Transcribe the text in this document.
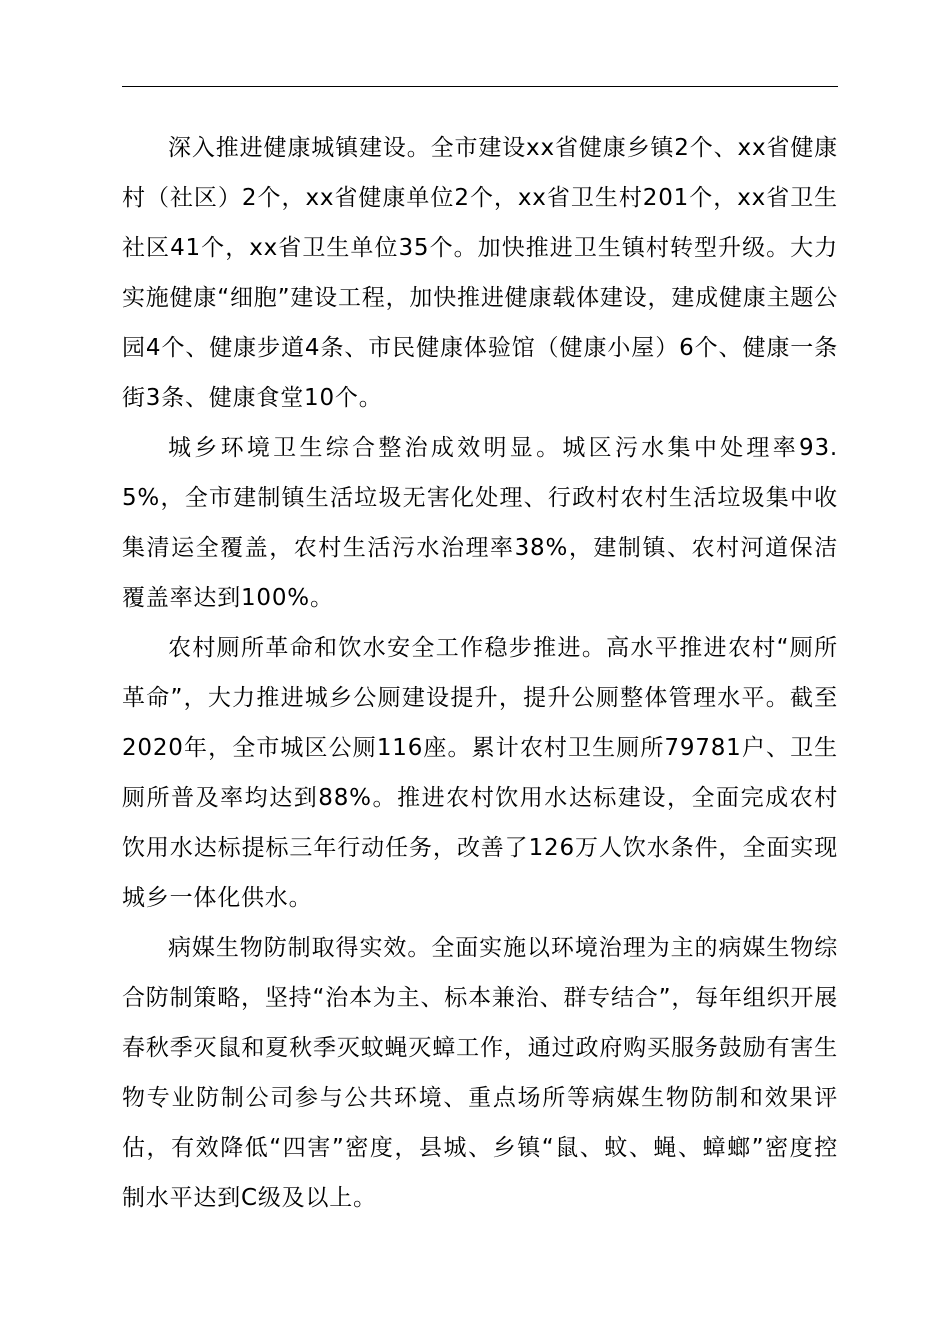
深入推进健康城镇建设。全市建设xx省健康乡镇2个、xx省健康村（社区）2个，xx省健康单位2个，xx省卫生村201个，xx省卫生社区41个，xx省卫生单位35个。加快推进卫生镇村转型升级。大力实施健康“细胞”建设工程，加快推进健康载体建设，建成健康主题公园4个、健康步道4条、市民健康体验馆（健康小屋）6个、健康一条街3条、健康食堂10个。

城乡环境卫生综合整治成效明显。城区污水集中处理率93.5%，全市建制镇生活垃圾无害化处理、行政村农村生活垃圾集中收集清运全覆盖，农村生活污水治理率38%，建制镇、农村河道保洁覆盖率达到100%。

农村厕所革命和饮水安全工作稳步推进。高水平推进农村“厕所革命”，大力推进城乡公厕建设提升，提升公厕整体管理水平。截至2020年，全市城区公厕116座。累计农村卫生厕所79781户、卫生厕所普及率均达到88%。推进农村饮用水达标建设，全面完成农村饮用水达标提标三年行动任务，改善了126万人饮水条件，全面实现城乡一体化供水。

病媒生物防制取得实效。全面实施以环境治理为主的病媒生物综合防制策略，坚持“治本为主、标本兼治、群专结合”，每年组织开展春秋季灭鼠和夏秋季灭蚊蝇灭蟑工作，通过政府购买服务鼓励有害生物专业防制公司参与公共环境、重点场所等病媒生物防制和效果评估，有效降低“四害”密度，县城、乡镇“鼠、蚊、蝇、蟑螂”密度控制水平达到C级及以上。
